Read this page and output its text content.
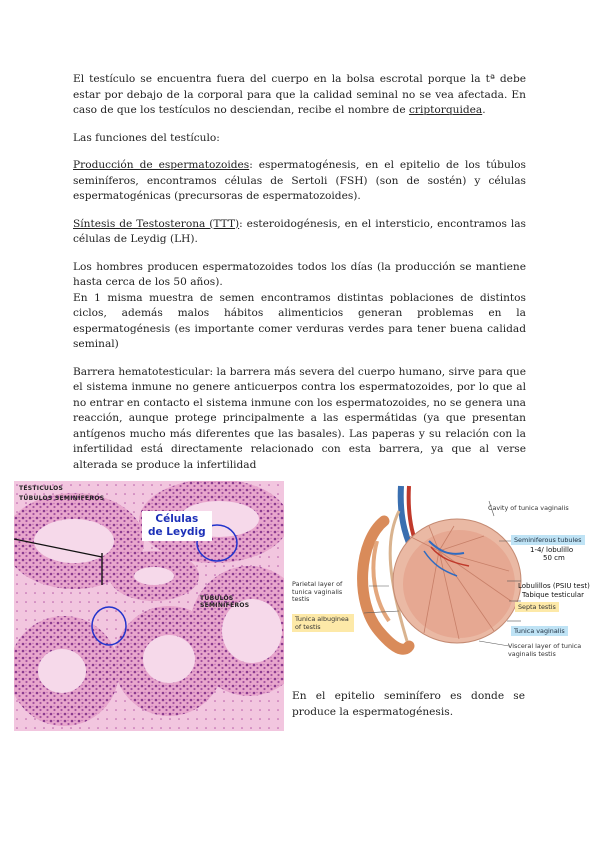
El testículo se encuentra fuera del cuerpo en la bolsa escrotal porque la tª debe estar por debajo de la corporal para que la calidad seminal no se vea afectada. En caso de que los testículos no desciendan, recibe el nombre de criptorquidea.

Las funciones del testículo:

Producción de espermatozoides: espermatogénesis, en el epitelio de los túbulos seminíferos, encontramos células de Sertoli (FSH) (son de sostén) y células espermatogénicas (precursoras de espermatozoides).

Síntesis de Testosterona (TTT): esteroidogénesis, en el intersticio, encontramos las células de Leydig (LH).

Los hombres producen espermatozoides todos los días (la producción se mantiene hasta cerca de los 50 años).

En 1 misma muestra de semen encontramos distintas poblaciones de distintos ciclos, además malos hábitos alimenticios generan problemas en la espermatogénesis (es importante comer verduras verdes para tener buena calidad seminal)

Barrera hematotesticular: la barrera más severa del cuerpo humano, sirve para que el sistema inmune no genere anticuerpos contra los espermatozoides, por lo que al no entrar en contacto el sistema inmune con los espermatozoides, no se genera una reacción, aunque protege principalmente a las espermátidas (ya que presentan antígenos mucho más diferentes que las basales). Las paperas y su relación con la infertilidad está directamente relacionado con esta barrera, ya que al verse alterada se produce la infertilidad

TESTICULOS
TÚBULOS SEMINÍFEROS
TÚBULOS SEMINÍFEROS
Células
de Leydig
Cavity of tunica vaginalis
Seminiferous tubules
1-4/ lobulillo
50 cm
Lobulillos (PSIU test)
Tabique testicular
Septa testis
Tunica vaginalis
Parietal layer of tunica vaginalis testis
Tunica albuginea of testis
Visceral layer of tunica vaginalis testis
En el epitelio seminífero es donde se produce la espermatogénesis.
